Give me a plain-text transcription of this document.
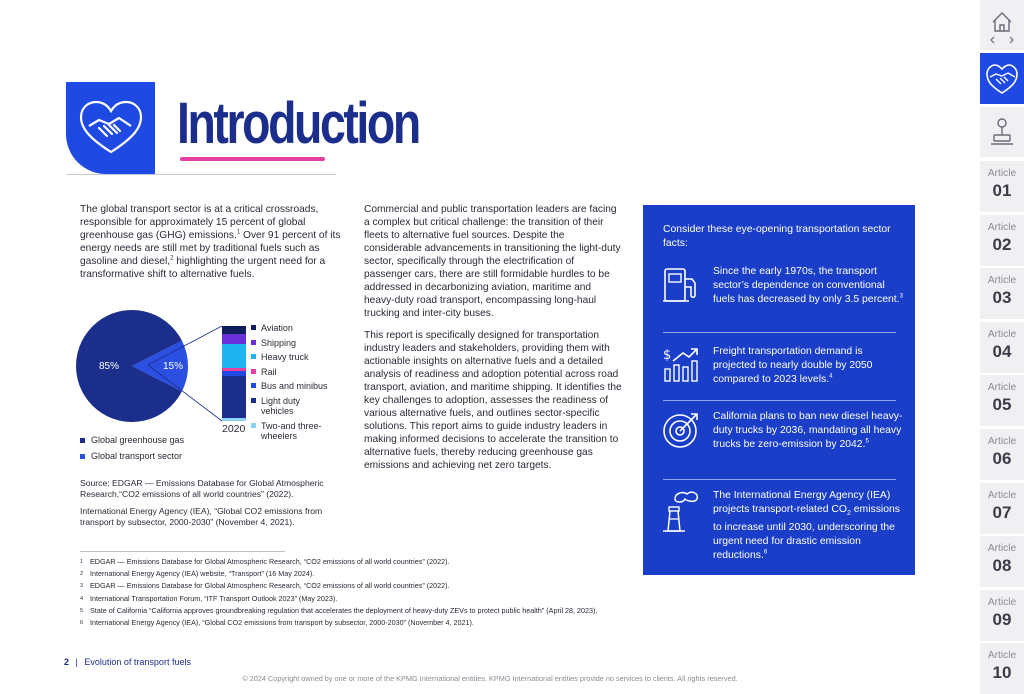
Introduction
The global transport sector is at a critical crossroads, responsible for approximately 15 percent of global greenhouse gas (GHG) emissions.$^1$ Over 91 percent of its energy needs are still met by traditional fuels such as gasoline and diesel,$^2$ highlighting the urgent need for a transformative shift to alternative fuels.

Commercial and public transportation leaders are facing a complex but critical challenge: the transition of their fleets to alternative fuel sources. Despite the considerable advancements in transitioning the light-duty sector, specifically through the electrification of passenger cars, there are still formidable hurdles to be addressed in decarbonizing aviation, maritime and heavy-duty road transport, encompassing long-haul trucking and inter-city buses.

This report is specifically designed for transportation industry leaders and stakeholders, providing them with actionable insights on alternative fuels and a detailed analysis of readiness and adoption potential across road transport, aviation, and maritime shipping. It identifies the key challenges to adoption, assesses the readiness of various alternative fuels, and outlines sector-specific solutions. This report aims to guide industry leaders in making informed decisions to accelerate the transition to alternative fuels, thereby reducing greenhouse gas emissions and achieving net zero targets.

85%	15%
Global greenhouse gas
Global transport sector
2020
Aviation
Shipping
Heavy truck
Rail
Bus and minibus
Light duty vehicles
Two-and three-wheelers

Source: EDGAR — Emissions Database for Global Atmospheric Research,“CO2 emissions of all world countries” (2022).

International Energy Agency (IEA), “Global CO2 emissions from transport by subsector, 2000-2030” (November 4, 2021).

Consider these eye-opening transportation sector facts:
Since the early 1970s, the transport sector’s dependence on conventional fuels has decreased by only 3.5 percent.$^3$
$	Freight transportation demand is projected to nearly double by 2050 compared to 2023 levels.$^4$
California plans to ban new diesel heavy-duty trucks by 2036, mandating all heavy trucks be zero-emission by 2042.$^5$
The International Energy Agency (IEA) projects transport-related $CO_2$ emissions to increase until 2030, underscoring the urgent need for drastic emission reductions.$^6$
1 EDGAR — Emissions Database for Global Atmospheric Research, “CO2 emissions of all world countries” (2022).
2 International Energy Agency (IEA) website, “Transport” (16 May 2024).
3 EDGAR — Emissions Database for Global Atmospheric Research, “CO2 emissions of all world countries” (2022).
4 International Transportation Forum, “ITF Transport Outlook 2023” (May 2023).
5 State of California “California approves groundbreaking regulation that accelerates the deployment of heavy-duty ZEVs to protect public health” (April 28, 2023).
6 International Energy Agency (IEA), “Global CO2 emissions from transport by subsector, 2000-2030” (November 4, 2021).
2 | Evolution of transport fuels
© 2024 Copyright owned by one or more of the KPMG International entities. KPMG International entities provide no services to clients. All rights reserved.
Article
01
Article
02
Article
03
Article
04
Article
05
Article
06
Article
07
Article
08
Article
09
Article
10
